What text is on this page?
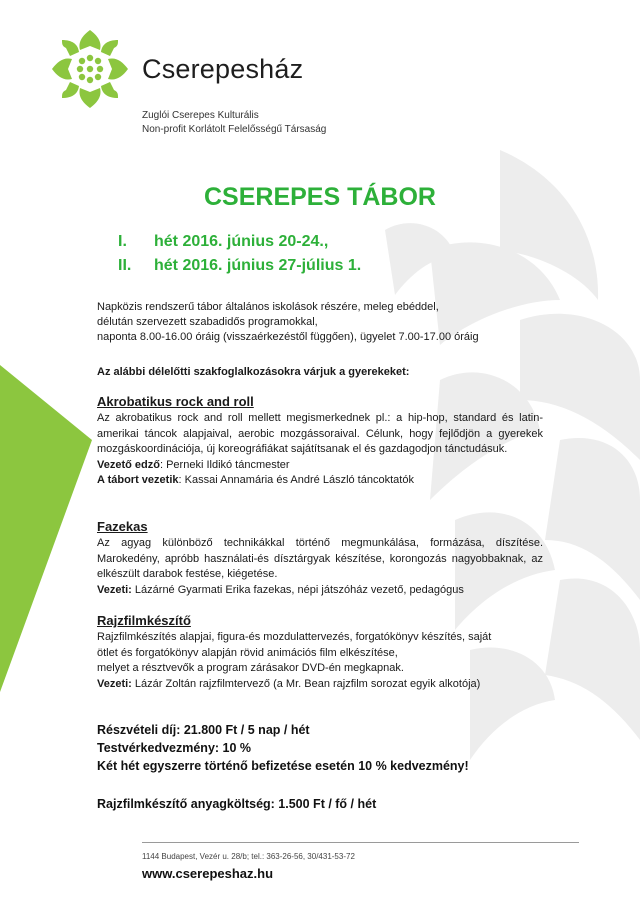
Cserepesház
Zuglói Cserepes Kulturális
Non-profit Korlátolt Felelősségű Társaság
CSEREPES TÁBOR
I. hét 2016. június 20-24.,
II. hét 2016. június 27-július 1.
Napközis rendszerű tábor általános iskolások részére, meleg ebéddel,
délután szervezett szabadidős programokkal,
naponta 8.00-16.00 óráig (visszaérkezéstől függően), ügyelet 7.00-17.00 óráig
Az alábbi délelőtti szakfoglalkozásokra várjuk a gyerekeket:
Akrobatikus rock and roll
Az akrobatikus rock and roll mellett megismerkednek pl.: a hip-hop, standard és latin-amerikai táncok alapjaival, aerobic mozgássoraival. Célunk, hogy fejlődjön a gyerekek mozgáskoordinációja, új koreográfiákat sajátítsanak el és gazdagodjon tánctudásuk.
Vezető edző: Perneki Ildikó táncmester
A tábort vezetik: Kassai Annamária és André László táncoktatók
Fazekas
Az agyag különböző technikákkal történő megmunkálása, formázása, díszítése. Marokedény, apróbb használati-és dísztárgyak készítése, korongozás nagyobbaknak, az elkészült darabok festése, kiégetése.
Vezeti: Lázárné Gyarmati Erika fazekas, népi játszóház vezető, pedagógus
Rajzfilmkészítő
Rajzfilmkészítés alapjai, figura-és mozdulattervezés, forgatókönyv készítés, saját
ötlet és forgatókönyv alapján rövid animációs film elkészítése,
melyet a résztvevők a program zárásakor DVD-én megkapnak.
Vezeti: Lázár Zoltán rajzfilmtervező (a Mr. Bean rajzfilm sorozat egyik alkotója)
Részvételi díj: 21.800 Ft / 5 nap / hét
Testvérkedvezmény: 10 %
Két hét egyszerre történő befizetése esetén 10 % kedvezmény!
Rajzfilmkészítő anyagköltség: 1.500 Ft / fő / hét
1144 Budapest, Vezér u. 28/b; tel.: 363-26-56, 30/431-53-72
www.cserepeshaz.hu
